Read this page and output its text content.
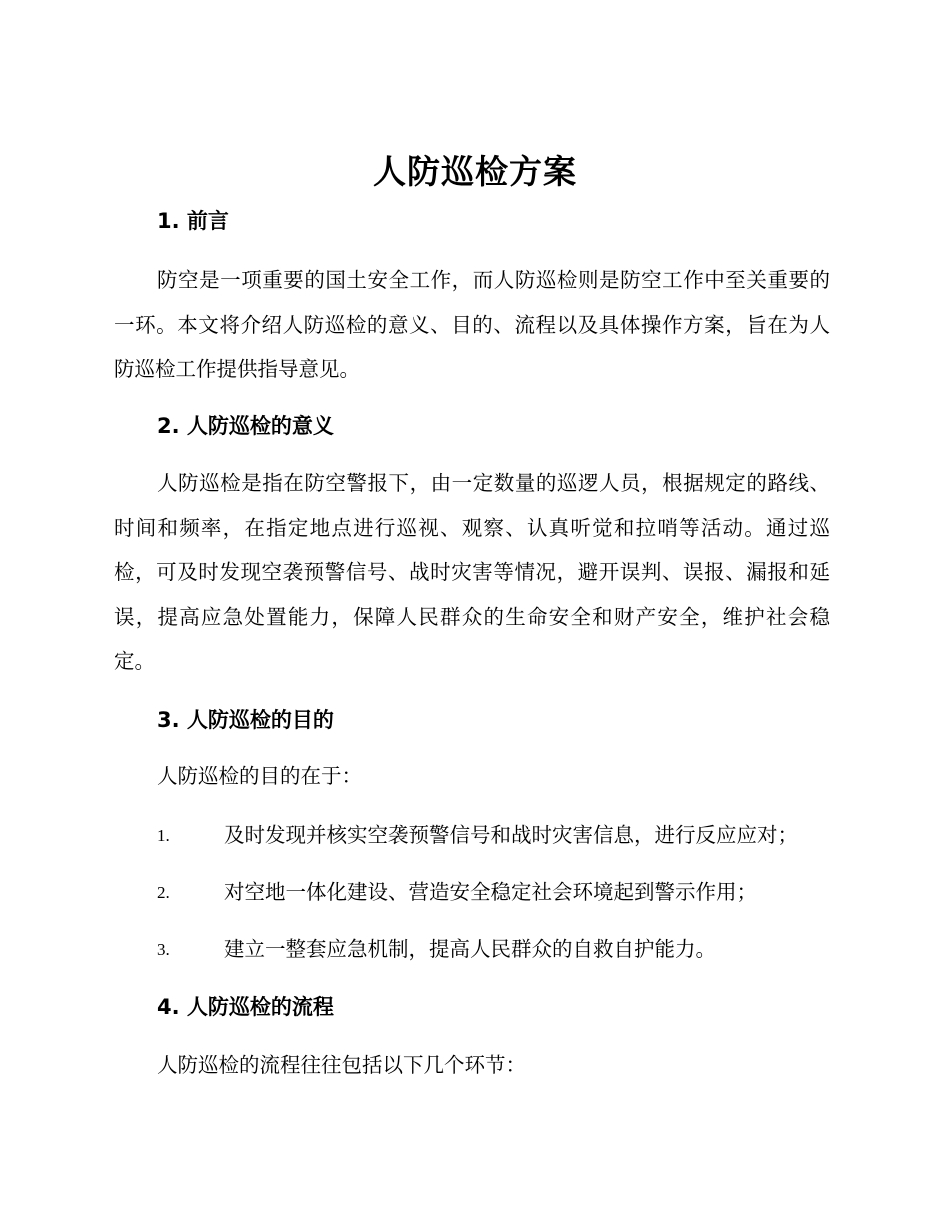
人防巡检方案
1. 前言
防空是一项重要的国土安全工作，而人防巡检则是防空工作中至关重要的一环。本文将介绍人防巡检的意义、目的、流程以及具体操作方案，旨在为人防巡检工作提供指导意见。
2. 人防巡检的意义
人防巡检是指在防空警报下，由一定数量的巡逻人员，根据规定的路线、时间和频率，在指定地点进行巡视、观察、认真听觉和拉哨等活动。通过巡检，可及时发现空袭预警信号、战时灾害等情况，避开误判、误报、漏报和延误，提高应急处置能力，保障人民群众的生命安全和财产安全，维护社会稳定。
3. 人防巡检的目的
人防巡检的目的在于：
1.	及时发现并核实空袭预警信号和战时灾害信息，进行反应应对；
2.	对空地一体化建设、营造安全稳定社会环境起到警示作用；
3.	建立一整套应急机制，提高人民群众的自救自护能力。
4. 人防巡检的流程
人防巡检的流程往往包括以下几个环节：
